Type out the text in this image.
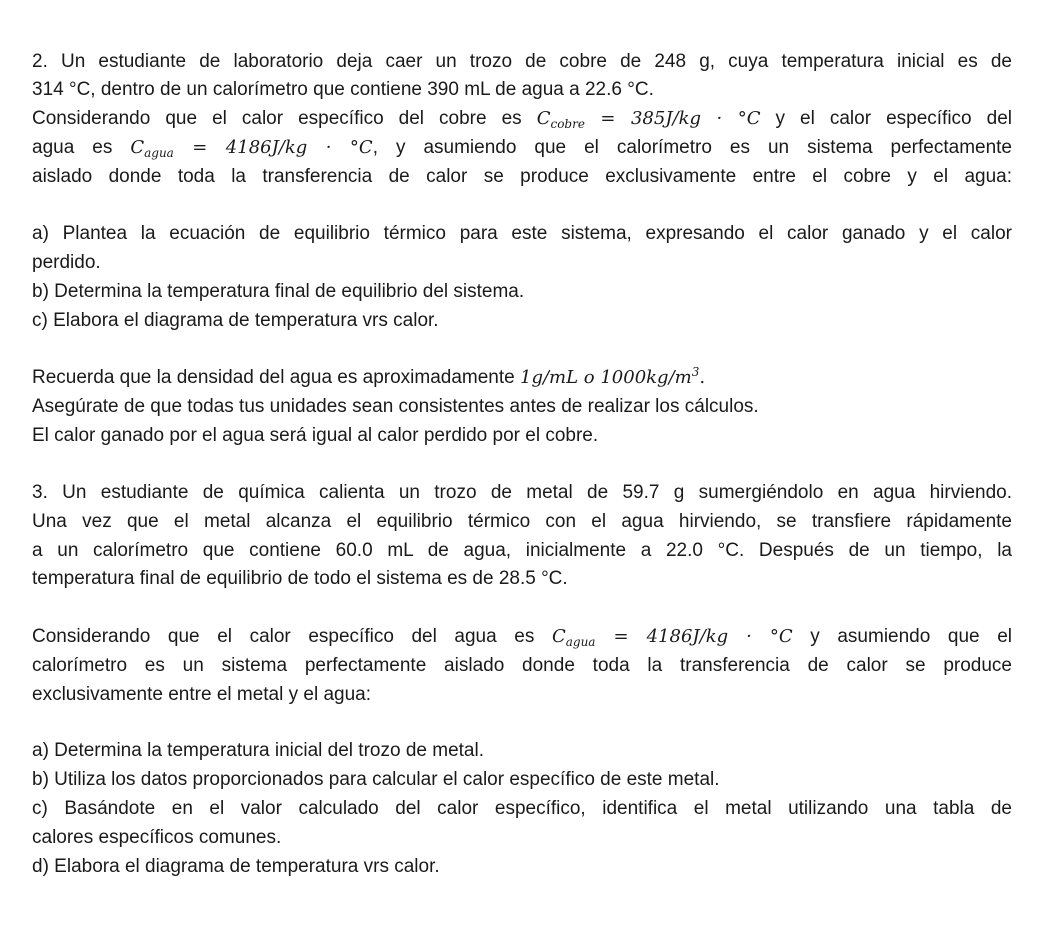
2. Un estudiante de laboratorio deja caer un trozo de cobre de 248 g, cuya temperatura inicial es de
314 °C, dentro de un calorímetro que contiene 390 mL de agua a 22.6 °C.
Considerando que el calor específico del cobre es $C_{cobre} = 385J/kg \cdot ^\circ C$ y el calor específico del
agua es $C_{agua} = 4186J/kg \cdot ^\circ C$, y asumiendo que el calorímetro es un sistema perfectamente
aislado donde toda la transferencia de calor se produce exclusivamente entre el cobre y el agua:
a) Plantea la ecuación de equilibrio térmico para este sistema, expresando el calor ganado y el calor
perdido.
b) Determina la temperatura final de equilibrio del sistema.
c) Elabora el diagrama de temperatura vrs calor.
Recuerda que la densidad del agua es aproximadamente 1g/mL o $1000kg/m^3$.
Asegúrate de que todas tus unidades sean consistentes antes de realizar los cálculos.
El calor ganado por el agua será igual al calor perdido por el cobre.
3. Un estudiante de química calienta un trozo de metal de 59.7 g sumergiéndolo en agua hirviendo.
Una vez que el metal alcanza el equilibrio térmico con el agua hirviendo, se transfiere rápidamente
a un calorímetro que contiene 60.0 mL de agua, inicialmente a 22.0 °C. Después de un tiempo, la
temperatura final de equilibrio de todo el sistema es de 28.5 °C.
Considerando que el calor específico del agua es $C_{agua} = 4186J/kg \cdot ^\circ C$ y asumiendo que el
calorímetro es un sistema perfectamente aislado donde toda la transferencia de calor se produce
exclusivamente entre el metal y el agua:
a) Determina la temperatura inicial del trozo de metal.
b) Utiliza los datos proporcionados para calcular el calor específico de este metal.
c) Basándote en el valor calculado del calor específico, identifica el metal utilizando una tabla de
calores específicos comunes.
d) Elabora el diagrama de temperatura vrs calor.
